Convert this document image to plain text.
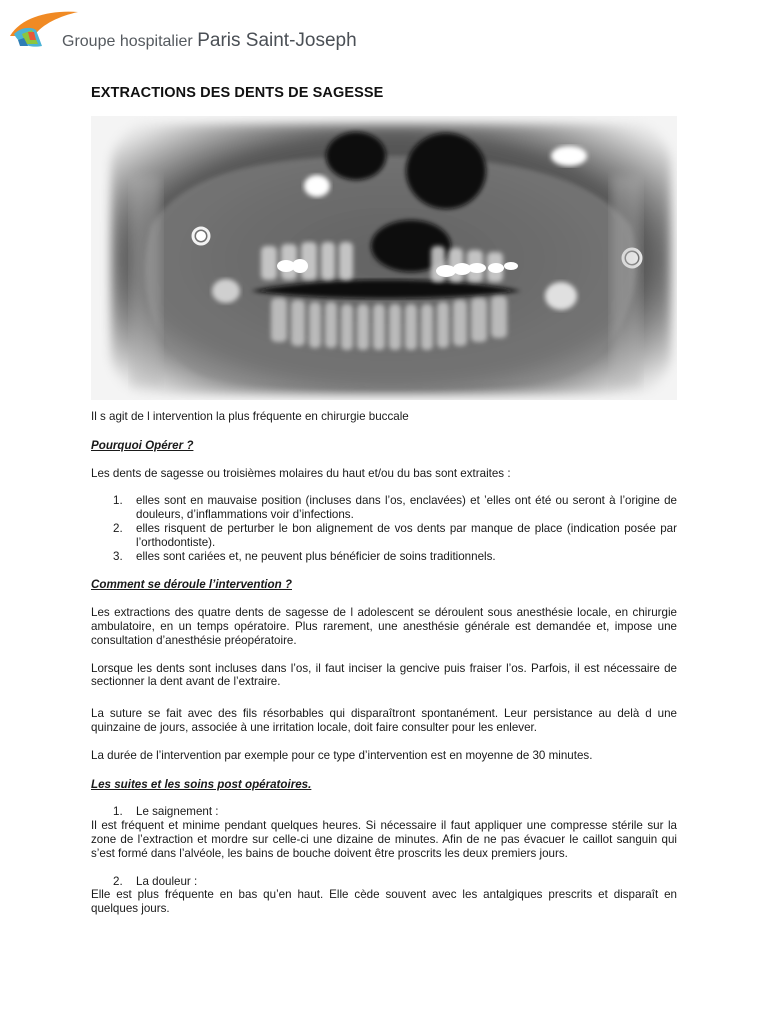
Groupe hospitalier Paris Saint-Joseph
EXTRACTIONS DES DENTS DE SAGESSE

Il s agit de l intervention la plus fréquente en chirurgie buccale

Pourquoi Opérer ?

Les dents de sagesse ou troisièmes molaires du haut et/ou du bas sont extraites :

1. elles sont en mauvaise position (incluses dans l’os, enclavées) et ’elles ont été ou seront à l’origine de douleurs, d’inflammations voir d’infections.
2. elles risquent de perturber le bon alignement de vos dents par manque de place (indication posée par l’orthodontiste).
3. elles sont cariées et, ne peuvent plus bénéficier de soins traditionnels.

Comment se déroule l’intervention ?

Les extractions des quatre dents de sagesse de l adolescent se déroulent sous anesthésie locale, en chirurgie ambulatoire, en un temps opératoire. Plus rarement, une anesthésie générale est demandée et, impose une consultation d’anesthésie préopératoire.

Lorsque les dents sont incluses dans l’os, il faut inciser la gencive puis fraiser l’os. Parfois, il est nécessaire de sectionner la dent avant de l’extraire.

La suture se fait avec des fils résorbables qui disparaîtront spontanément. Leur persistance au delà d une quinzaine de jours, associée à une irritation locale, doit faire consulter pour les enlever.

La durée de l’intervention par exemple pour ce type d’intervention est en moyenne de 30 minutes.

Les suites et les soins post opératoires.

1. Le saignement :

Il est fréquent et minime pendant quelques heures. Si nécessaire il faut appliquer une compresse stérile sur la zone de l’extraction et mordre sur celle-ci une dizaine de minutes. Afin de ne pas évacuer le caillot sanguin qui s’est formé dans l’alvéole, les bains de bouche doivent être proscrits les deux premiers jours.

2. La douleur :

Elle est plus fréquente en bas qu’en haut. Elle cède souvent avec les antalgiques prescrits et disparaît en quelques jours.
